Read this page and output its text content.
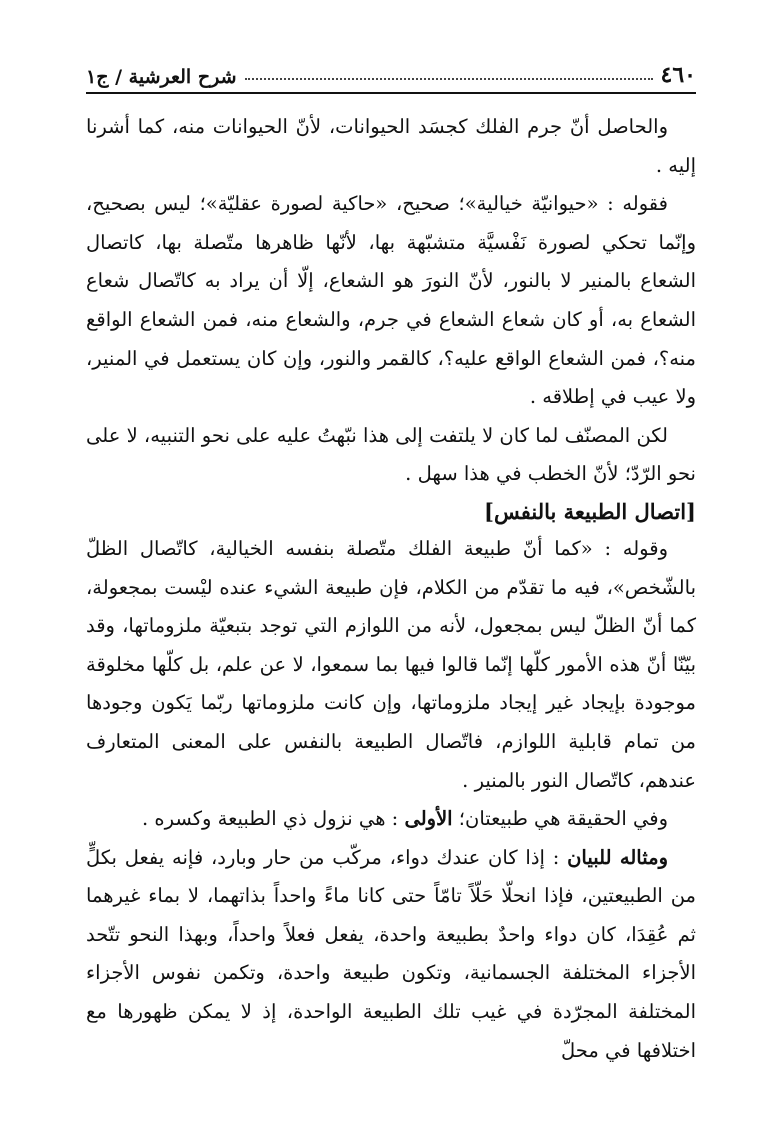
٤٦٠
شرح العرشية / ج١

والحاصل أنّ جرم الفلك كجسَد الحيوانات، لأنّ الحيوانات منه، كما أشرنا إليه .

فقوله : «حيوانيّة خيالية»؛ صحيح، «حاكية لصورة عقليّة»؛ ليس بصحيح، وإنّما تحكي لصورة نَفْسيَّة متشبّهة بها، لأنّها ظاهرها متّصلة بها، كاتصال الشعاع بالمنير لا بالنور، لأنّ النورَ هو الشعاع، إلّا أن يراد به كاتّصال شعاع الشعاع به، أو كان شعاع الشعاع في جرم، والشعاع منه، فمن الشعاع الواقع منه؟، فمن الشعاع الواقع عليه؟، كالقمر والنور، وإن كان يستعمل في المنير، ولا عيب في إطلاقه .

لكن المصنّف لما كان لا يلتفت إلى هذا نبّهتُ عليه على نحو التنبيه، لا على نحو الرّدّ؛ لأنّ الخطب في هذا سهل .

[اتصال الطبيعة بالنفس]

وقوله : «كما أنّ طبيعة الفلك متّصلة بنفسه الخيالية، كاتّصال الظلّ بالشّخص»، فيه ما تقدّم من الكلام، فإن طبيعة الشيء عنده ليْست بمجعولة، كما أنّ الظلّ ليس بمجعول، لأنه من اللوازم التي توجد بتبعيّة ملزوماتها، وقد بيّنّا أنّ هذه الأمور كلّها إنّما قالوا فيها بما سمعوا، لا عن علم، بل كلّها مخلوقة موجودة بإيجاد غير إيجاد ملزوماتها، وإن كانت ملزوماتها ربّما يَكون وجودها من تمام قابلية اللوازم، فاتّصال الطبيعة بالنفس على المعنى المتعارف عندهم، كاتّصال النور بالمنير .

وفي الحقيقة هي طبيعتان؛ الأولى : هي نزول ذي الطبيعة وكسره .

ومثاله للبيان : إذا كان عندك دواء، مركّب من حار وبارد، فإنه يفعل بكلٍّ من الطبيعتين، فإذا انحلّا حَلّاً تامّاً حتى كانا ماءً واحداً بذاتهما، لا بماء غيرهما ثم عُقِدَا، كان دواء واحدٌ بطبيعة واحدة، يفعل فعلاً واحداً، وبهذا النحو تتّحد الأجزاء المختلفة الجسمانية، وتكون طبيعة واحدة، وتكمن نفوس الأجزاء المختلفة المجرّدة في غيب تلك الطبيعة الواحدة، إذ لا يمكن ظهورها مع اختلافها في محلّ
